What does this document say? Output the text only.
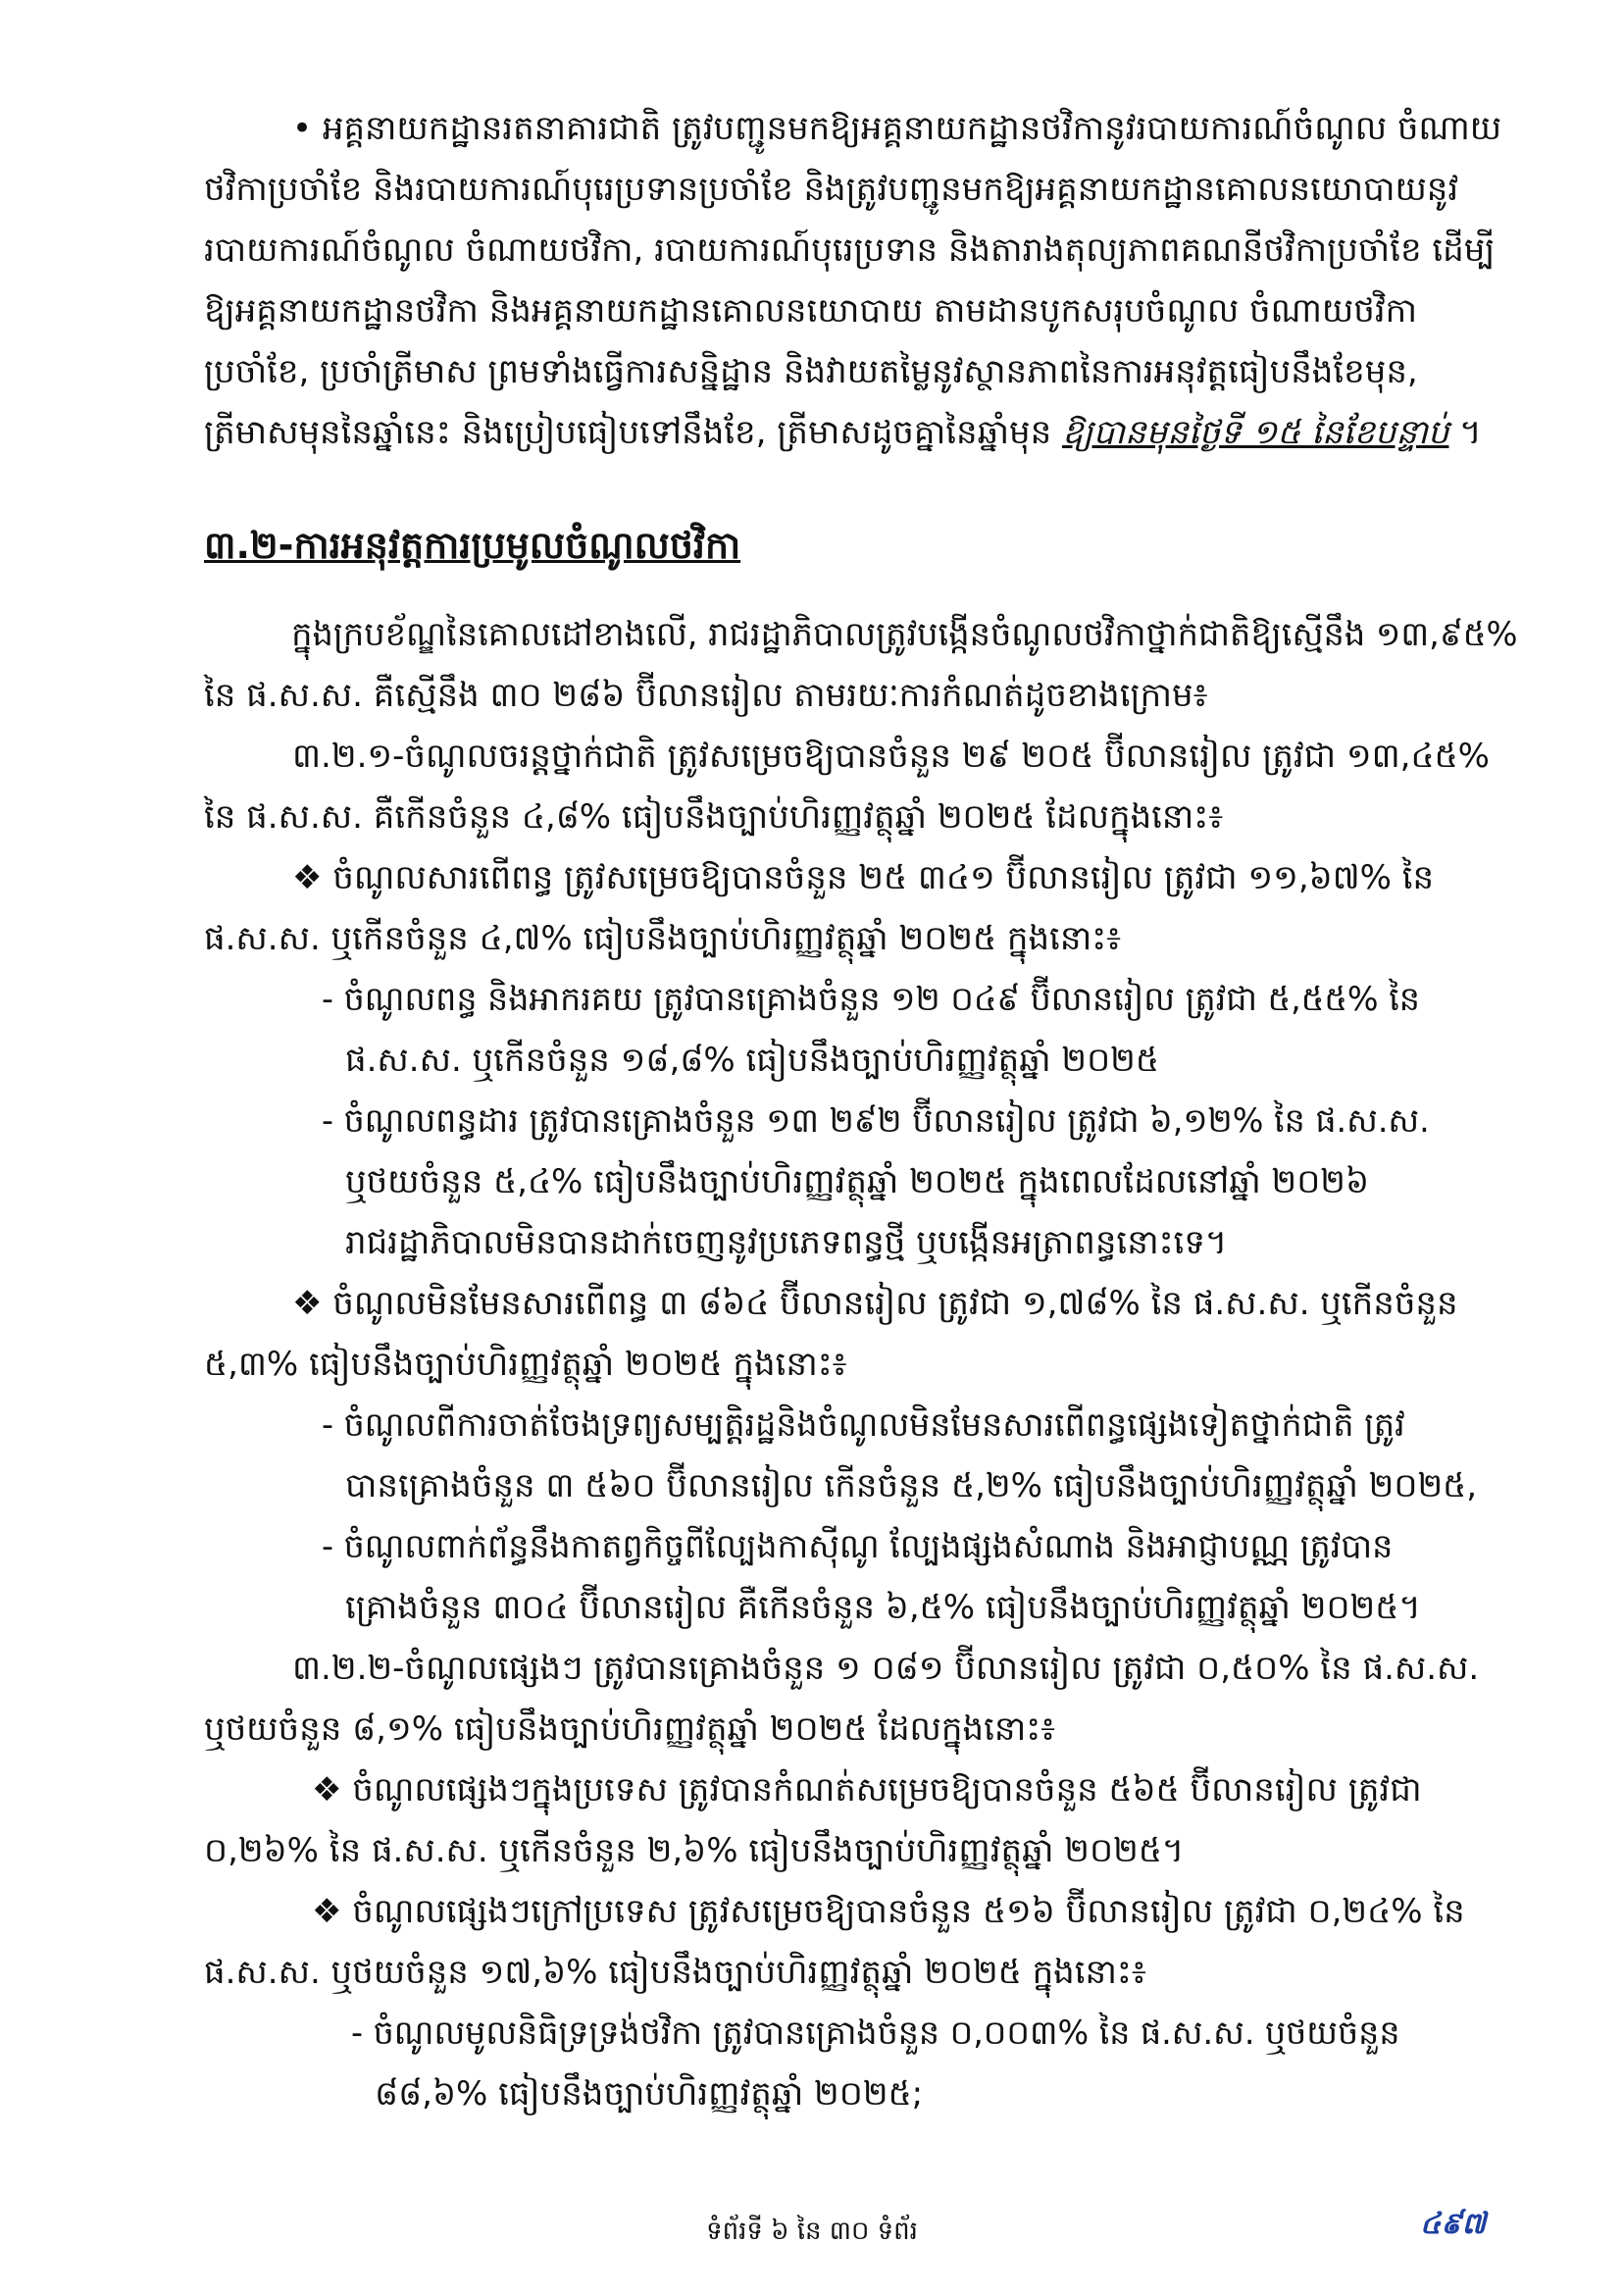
• អគ្គនាយកដ្ឋានរតនាគារជាតិ ត្រូវបញ្ជូនមកឱ្យអគ្គនាយកដ្ឋានថវិកានូវរបាយការណ៍ចំណូល ចំណាយ
ថវិកាប្រចាំខែ និងរបាយការណ៍បុរេប្រទានប្រចាំខែ និងត្រូវបញ្ជូនមកឱ្យអគ្គនាយកដ្ឋានគោលនយោបាយនូវ
របាយការណ៍ចំណូល ចំណាយថវិកា, របាយការណ៍បុរេប្រទាន និងតារាងតុល្យភាពគណនីថវិកាប្រចាំខែ ដើម្បី
ឱ្យអគ្គនាយកដ្ឋានថវិកា និងអគ្គនាយកដ្ឋានគោលនយោបាយ តាមដានបូកសរុបចំណូល ចំណាយថវិកា
ប្រចាំខែ, ប្រចាំត្រីមាស ព្រមទាំងធ្វើការសន្និដ្ឋាន និងវាយតម្លៃនូវស្ថានភាពនៃការអនុវត្តធៀបនឹងខែមុន,
ត្រីមាសមុននៃឆ្នាំនេះ និងប្រៀបធៀបទៅនឹងខែ, ត្រីមាសដូចគ្នានៃឆ្នាំមុន ឱ្យបានមុនថ្ងៃទី ១៥ នៃខែបន្ទាប់ ។
៣.២-ការអនុវត្តការប្រមូលចំណូលថវិកា
ក្នុងក្របខ័ណ្ឌនៃគោលដៅខាងលើ, រាជរដ្ឋាភិបាលត្រូវបង្កើនចំណូលថវិកាថ្នាក់ជាតិឱ្យស្មើនឹង ១៣,៩៥%
នៃ ផ.ស.ស. គឺស្មើនឹង ៣០ ២៨៦ ប៊ីលានរៀល តាមរយៈការកំណត់ដូចខាងក្រោម៖
៣.២.១-ចំណូលចរន្តថ្នាក់ជាតិ ត្រូវសម្រេចឱ្យបានចំនួន ២៩ ២០៥ ប៊ីលានរៀល ត្រូវជា ១៣,៤៥%
នៃ ផ.ស.ស. គឺកើនចំនួន ៤,៨% ធៀបនឹងច្បាប់ហិរញ្ញវត្ថុឆ្នាំ ២០២៥ ដែលក្នុងនោះ៖
❖ ចំណូលសារពើពន្ធ ត្រូវសម្រេចឱ្យបានចំនួន ២៥ ៣៤១ ប៊ីលានរៀល ត្រូវជា ១១,៦៧% នៃ
ផ.ស.ស. ឬកើនចំនួន ៤,៧% ធៀបនឹងច្បាប់ហិរញ្ញវត្ថុឆ្នាំ ២០២៥ ក្នុងនោះ៖
- ចំណូលពន្ធ និងអាករគយ ត្រូវបានគ្រោងចំនួន ១២ ០៤៩ ប៊ីលានរៀល ត្រូវជា ៥,៥៥% នៃ
ផ.ស.ស. ឬកើនចំនួន ១៨,៨% ធៀបនឹងច្បាប់ហិរញ្ញវត្ថុឆ្នាំ ២០២៥
- ចំណូលពន្ធដារ ត្រូវបានគ្រោងចំនួន ១៣ ២៩២ ប៊ីលានរៀល ត្រូវជា ៦,១២% នៃ ផ.ស.ស.
ឬថយចំនួន ៥,៤% ធៀបនឹងច្បាប់ហិរញ្ញវត្ថុឆ្នាំ ២០២៥ ក្នុងពេលដែលនៅឆ្នាំ ២០២៦
រាជរដ្ឋាភិបាលមិនបានដាក់ចេញនូវប្រភេទពន្ធថ្មី ឬបង្កើនអត្រាពន្ធនោះទេ។
❖ ចំណូលមិនមែនសារពើពន្ធ ៣ ៨៦៤ ប៊ីលានរៀល ត្រូវជា ១,៧៨% នៃ ផ.ស.ស. ឬកើនចំនួន
៥,៣% ធៀបនឹងច្បាប់ហិរញ្ញវត្ថុឆ្នាំ ២០២៥ ក្នុងនោះ៖
- ចំណូលពីការចាត់ចែងទ្រព្យសម្បត្តិរដ្ឋនិងចំណូលមិនមែនសារពើពន្ធផ្សេងទៀតថ្នាក់ជាតិ ត្រូវ
បានគ្រោងចំនួន ៣ ៥៦០ ប៊ីលានរៀល កើនចំនួន ៥,២% ធៀបនឹងច្បាប់ហិរញ្ញវត្ថុឆ្នាំ ២០២៥,
- ចំណូលពាក់ព័ន្ធនឹងកាតព្វកិច្ចពីល្បែងកាស៊ីណូ ល្បែងផ្សងសំណាង និងអាជ្ញាបណ្ណ ត្រូវបាន
គ្រោងចំនួន ៣០៤ ប៊ីលានរៀល គឺកើនចំនួន ៦,៥% ធៀបនឹងច្បាប់ហិរញ្ញវត្ថុឆ្នាំ ២០២៥។
៣.២.២-ចំណូលផ្សេងៗ ត្រូវបានគ្រោងចំនួន ១ ០៨១ ប៊ីលានរៀល ត្រូវជា ០,៥០% នៃ ផ.ស.ស.
ឬថយចំនួន ៨,១% ធៀបនឹងច្បាប់ហិរញ្ញវត្ថុឆ្នាំ ២០២៥ ដែលក្នុងនោះ៖
❖ ចំណូលផ្សេងៗក្នុងប្រទេស ត្រូវបានកំណត់សម្រេចឱ្យបានចំនួន ៥៦៥ ប៊ីលានរៀល ត្រូវជា
០,២៦% នៃ ផ.ស.ស. ឬកើនចំនួន ២,៦% ធៀបនឹងច្បាប់ហិរញ្ញវត្ថុឆ្នាំ ២០២៥។
❖ ចំណូលផ្សេងៗក្រៅប្រទេស ត្រូវសម្រេចឱ្យបានចំនួន ៥១៦ ប៊ីលានរៀល ត្រូវជា ០,២៤% នៃ
ផ.ស.ស. ឬថយចំនួន ១៧,៦% ធៀបនឹងច្បាប់ហិរញ្ញវត្ថុឆ្នាំ ២០២៥ ក្នុងនោះ៖
- ចំណូលមូលនិធិទ្រទ្រង់ថវិកា ត្រូវបានគ្រោងចំនួន ០,០០៣% នៃ ផ.ស.ស. ឬថយចំនួន
៨៨,៦% ធៀបនឹងច្បាប់ហិរញ្ញវត្ថុឆ្នាំ ២០២៥;
ទំព័រទី ៦ នៃ ៣០ ទំព័រ	៤៩៧
